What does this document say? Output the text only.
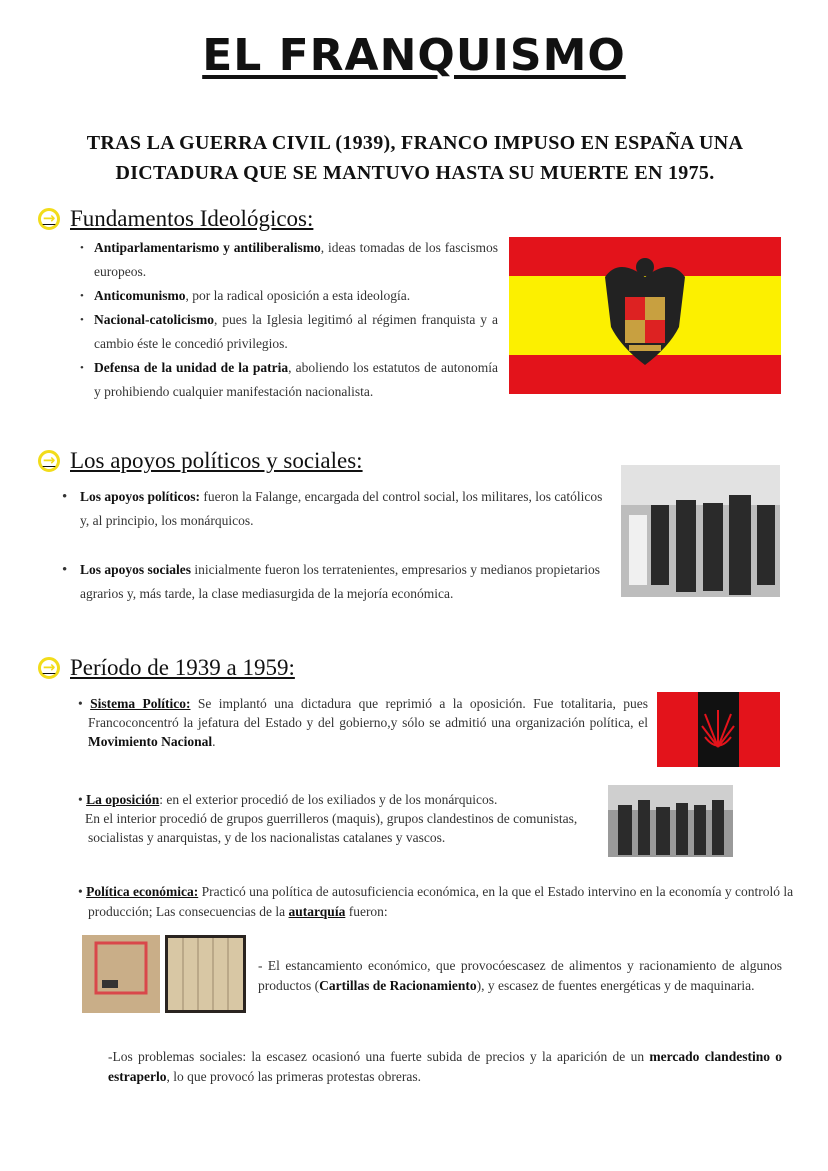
EL FRANQUISMO
TRAS LA GUERRA CIVIL (1939), FRANCO IMPUSO EN ESPAÑA UNA DICTADURA QUE SE MANTUVO HASTA SU MUERTE EN 1975.
→ Fundamentos Ideológicos:
• Antiparlamentarismo y antiliberalismo, ideas tomadas de los fascismos europeos.
• Anticomunismo, por la radical oposición a esta ideología.
• Nacional-catolicismo, pues la Iglesia legitimó al régimen franquista y a cambio éste le concedió privilegios.
• Defensa de la unidad de la patria, aboliendo los estatutos de autonomía y prohibiendo cualquier manifestación nacionalista.
→ Los apoyos políticos y sociales:
• Los apoyos políticos: fueron la Falange, encargada del control social, los militares, los católicos y, al principio, los monárquicos.
• Los apoyos sociales inicialmente fueron los terratenientes, empresarios y medianos propietarios agrarios y, más tarde, la clase mediasurgida de la mejoría económica.
→ Período de 1939 a 1959:
• Sistema Político: Se implantó una dictadura que reprimió a la oposición. Fue totalitaria, pues Francoconcentró la jefatura del Estado y del gobierno,y sólo se admitió una organización política, el Movimiento Nacional.
• La oposición: en el exterior procedió de los exiliados y de los monárquicos.
En el interior procedió de grupos guerrilleros (maquis), grupos clandestinos de comunistas, socialistas y anarquistas, y de los nacionalistas catalanes y vascos.
• Política económica: Practicó una política de autosuficiencia económica, en la que el Estado intervino en la economía y controló la producción; Las consecuencias de la autarquía fueron:
- El estancamiento económico, que provocóescasez de alimentos y racionamiento de algunos productos (Cartillas de Racionamiento), y escasez de fuentes energéticas y de maquinaria.
-Los problemas sociales: la escasez ocasionó una fuerte subida de precios y la aparición de un mercado clandestino o estraperlo, lo que provocó las primeras protestas obreras.
